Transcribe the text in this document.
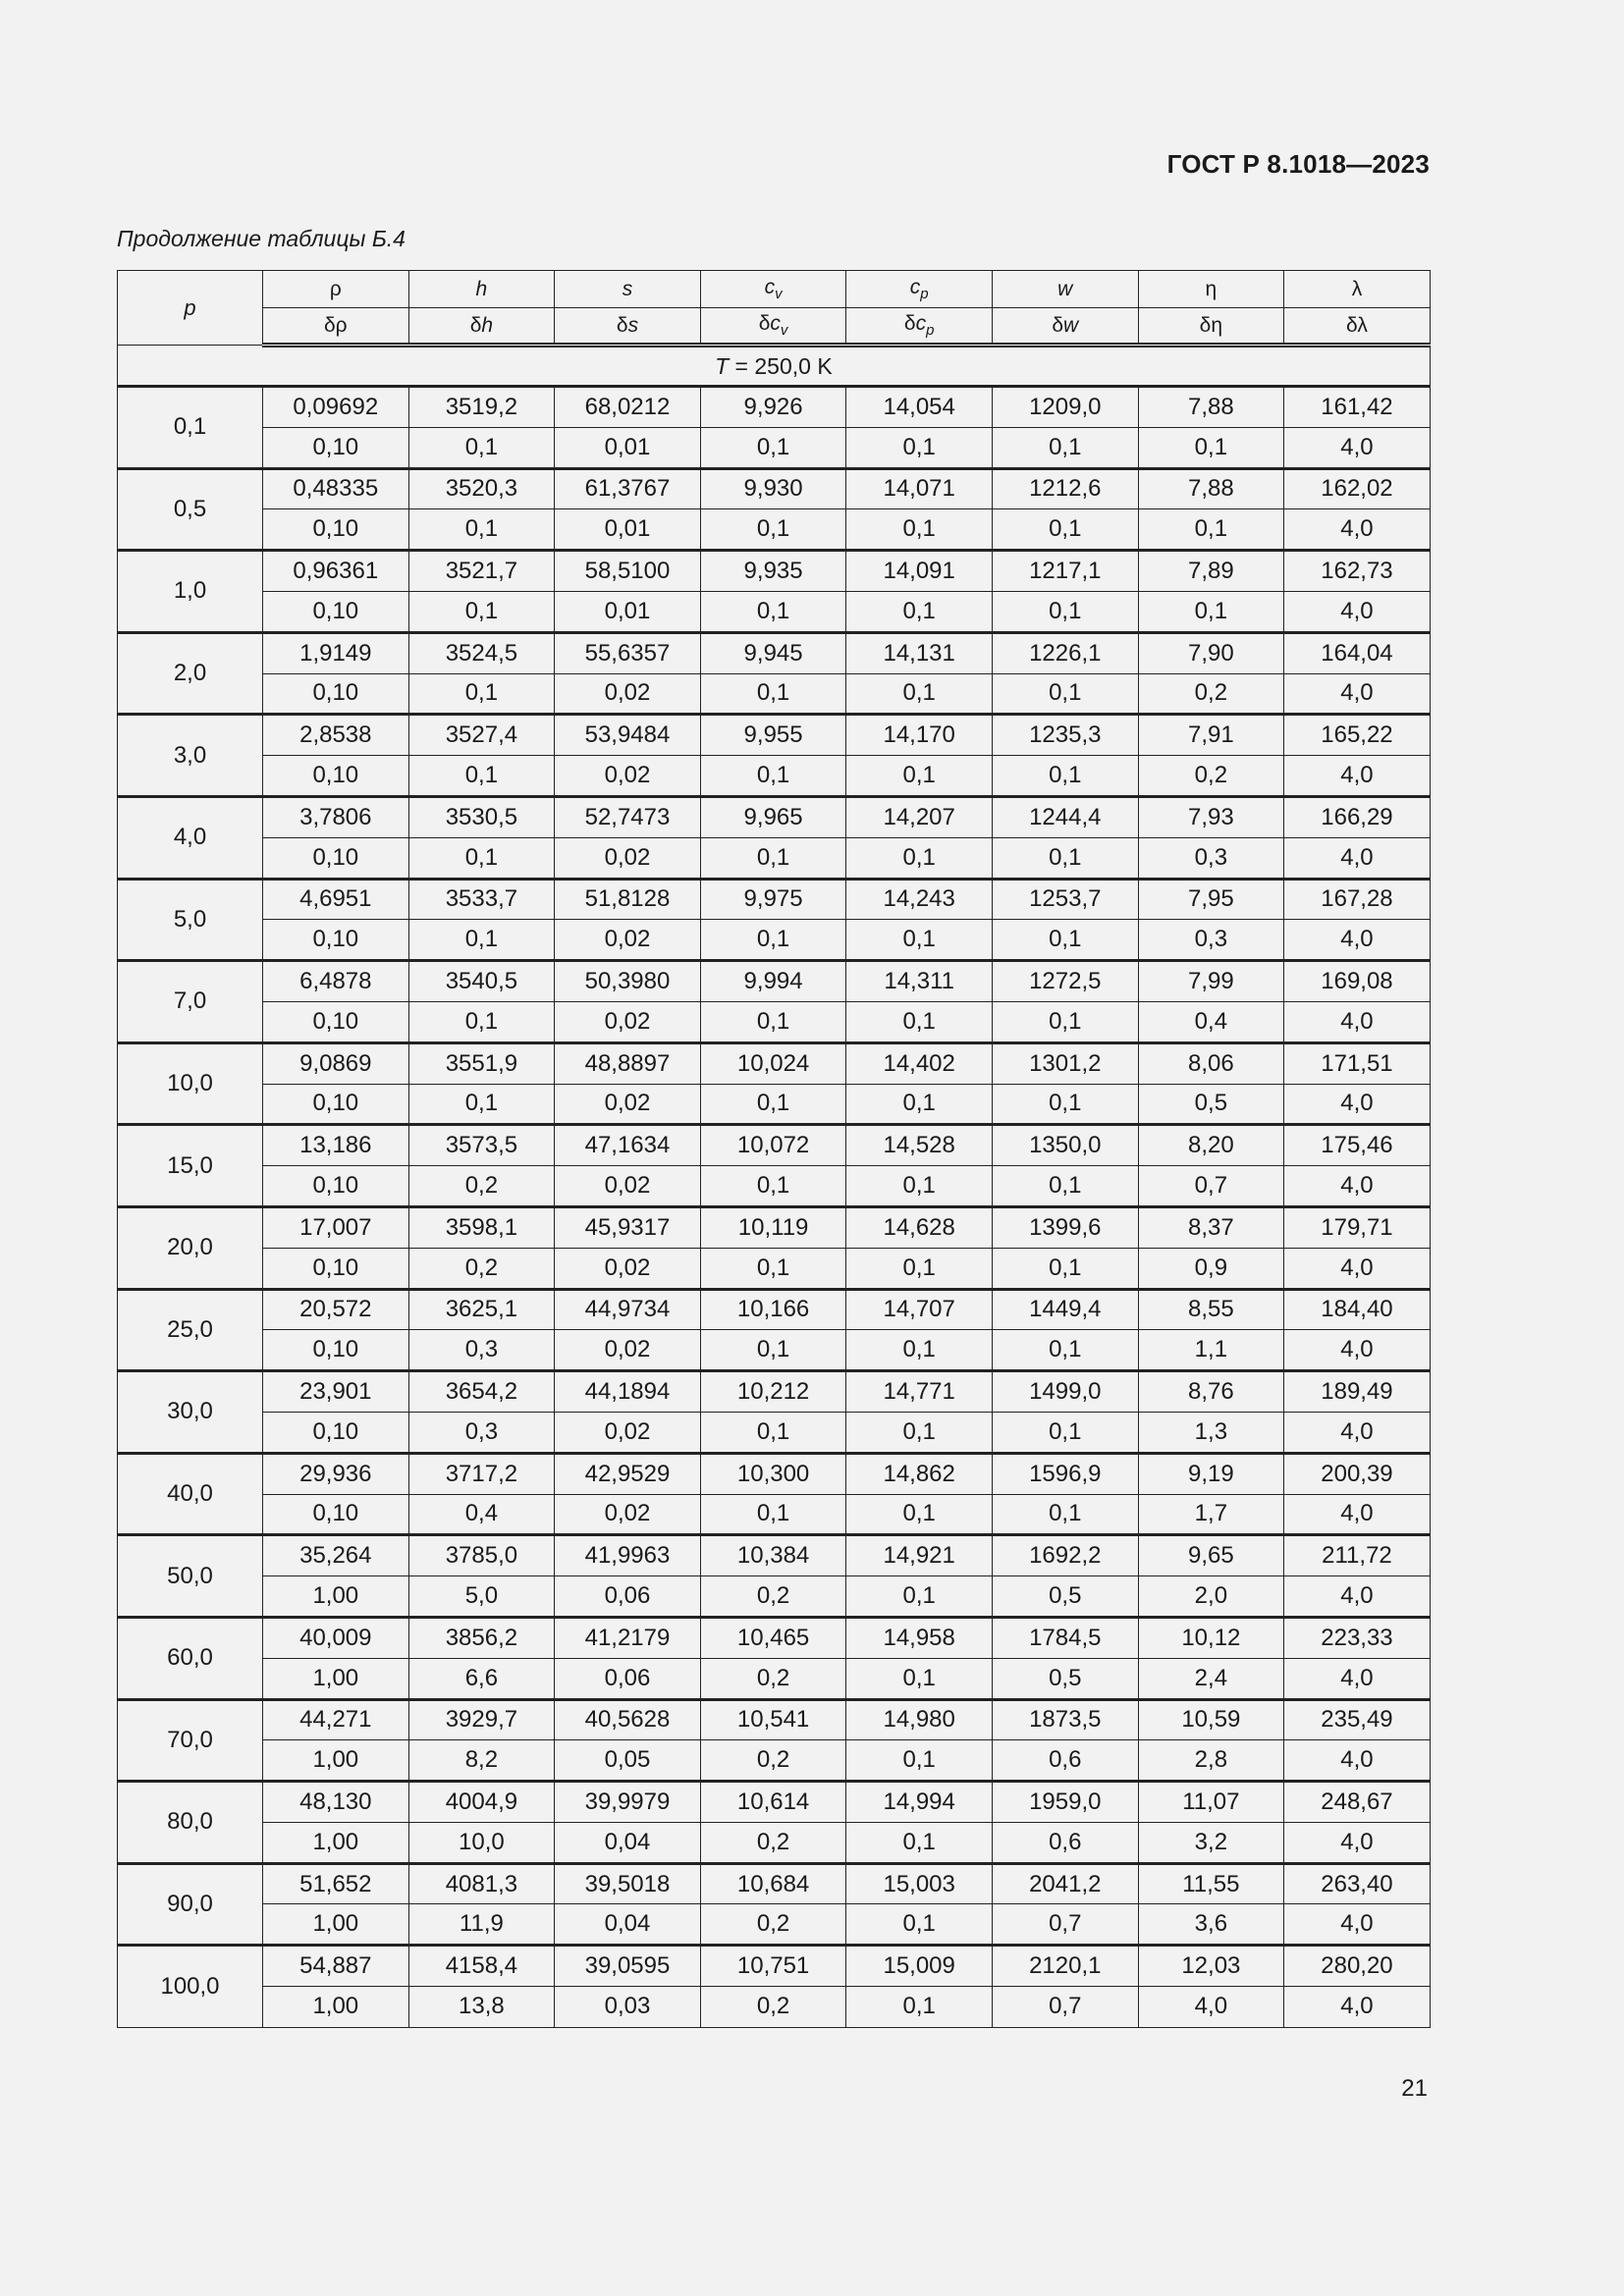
ГОСТ Р 8.1018—2023
Продолжение таблицы Б.4
p	ρ	h	s	$c_v$	$c_p$	w	η	λ
	δρ	δh	δs	$\delta c_v$	$\delta c_p$	δw	δη	δλ
T = 250,0 K								
0,1	0,09692	3519,2	68,0212	9,926	14,054	1209,0	7,88	161,42
	0,10	0,1	0,01	0,1	0,1	0,1	0,1	4,0
0,5	0,48335	3520,3	61,3767	9,930	14,071	1212,6	7,88	162,02
	0,10	0,1	0,01	0,1	0,1	0,1	0,1	4,0
1,0	0,96361	3521,7	58,5100	9,935	14,091	1217,1	7,89	162,73
	0,10	0,1	0,01	0,1	0,1	0,1	0,1	4,0
2,0	1,9149	3524,5	55,6357	9,945	14,131	1226,1	7,90	164,04
	0,10	0,1	0,02	0,1	0,1	0,1	0,2	4,0
3,0	2,8538	3527,4	53,9484	9,955	14,170	1235,3	7,91	165,22
	0,10	0,1	0,02	0,1	0,1	0,1	0,2	4,0
4,0	3,7806	3530,5	52,7473	9,965	14,207	1244,4	7,93	166,29
	0,10	0,1	0,02	0,1	0,1	0,1	0,3	4,0
5,0	4,6951	3533,7	51,8128	9,975	14,243	1253,7	7,95	167,28
	0,10	0,1	0,02	0,1	0,1	0,1	0,3	4,0
7,0	6,4878	3540,5	50,3980	9,994	14,311	1272,5	7,99	169,08
	0,10	0,1	0,02	0,1	0,1	0,1	0,4	4,0
10,0	9,0869	3551,9	48,8897	10,024	14,402	1301,2	8,06	171,51
	0,10	0,1	0,02	0,1	0,1	0,1	0,5	4,0
15,0	13,186	3573,5	47,1634	10,072	14,528	1350,0	8,20	175,46
	0,10	0,2	0,02	0,1	0,1	0,1	0,7	4,0
20,0	17,007	3598,1	45,9317	10,119	14,628	1399,6	8,37	179,71
	0,10	0,2	0,02	0,1	0,1	0,1	0,9	4,0
25,0	20,572	3625,1	44,9734	10,166	14,707	1449,4	8,55	184,40
	0,10	0,3	0,02	0,1	0,1	0,1	1,1	4,0
30,0	23,901	3654,2	44,1894	10,212	14,771	1499,0	8,76	189,49
	0,10	0,3	0,02	0,1	0,1	0,1	1,3	4,0
40,0	29,936	3717,2	42,9529	10,300	14,862	1596,9	9,19	200,39
	0,10	0,4	0,02	0,1	0,1	0,1	1,7	4,0
50,0	35,264	3785,0	41,9963	10,384	14,921	1692,2	9,65	211,72
	1,00	5,0	0,06	0,2	0,1	0,5	2,0	4,0
60,0	40,009	3856,2	41,2179	10,465	14,958	1784,5	10,12	223,33
	1,00	6,6	0,06	0,2	0,1	0,5	2,4	4,0
70,0	44,271	3929,7	40,5628	10,541	14,980	1873,5	10,59	235,49
	1,00	8,2	0,05	0,2	0,1	0,6	2,8	4,0
80,0	48,130	4004,9	39,9979	10,614	14,994	1959,0	11,07	248,67
	1,00	10,0	0,04	0,2	0,1	0,6	3,2	4,0
90,0	51,652	4081,3	39,5018	10,684	15,003	2041,2	11,55	263,40
	1,00	11,9	0,04	0,2	0,1	0,7	3,6	4,0
100,0	54,887	4158,4	39,0595	10,751	15,009	2120,1	12,03	280,20
	1,00	13,8	0,03	0,2	0,1	0,7	4,0	4,0
21
